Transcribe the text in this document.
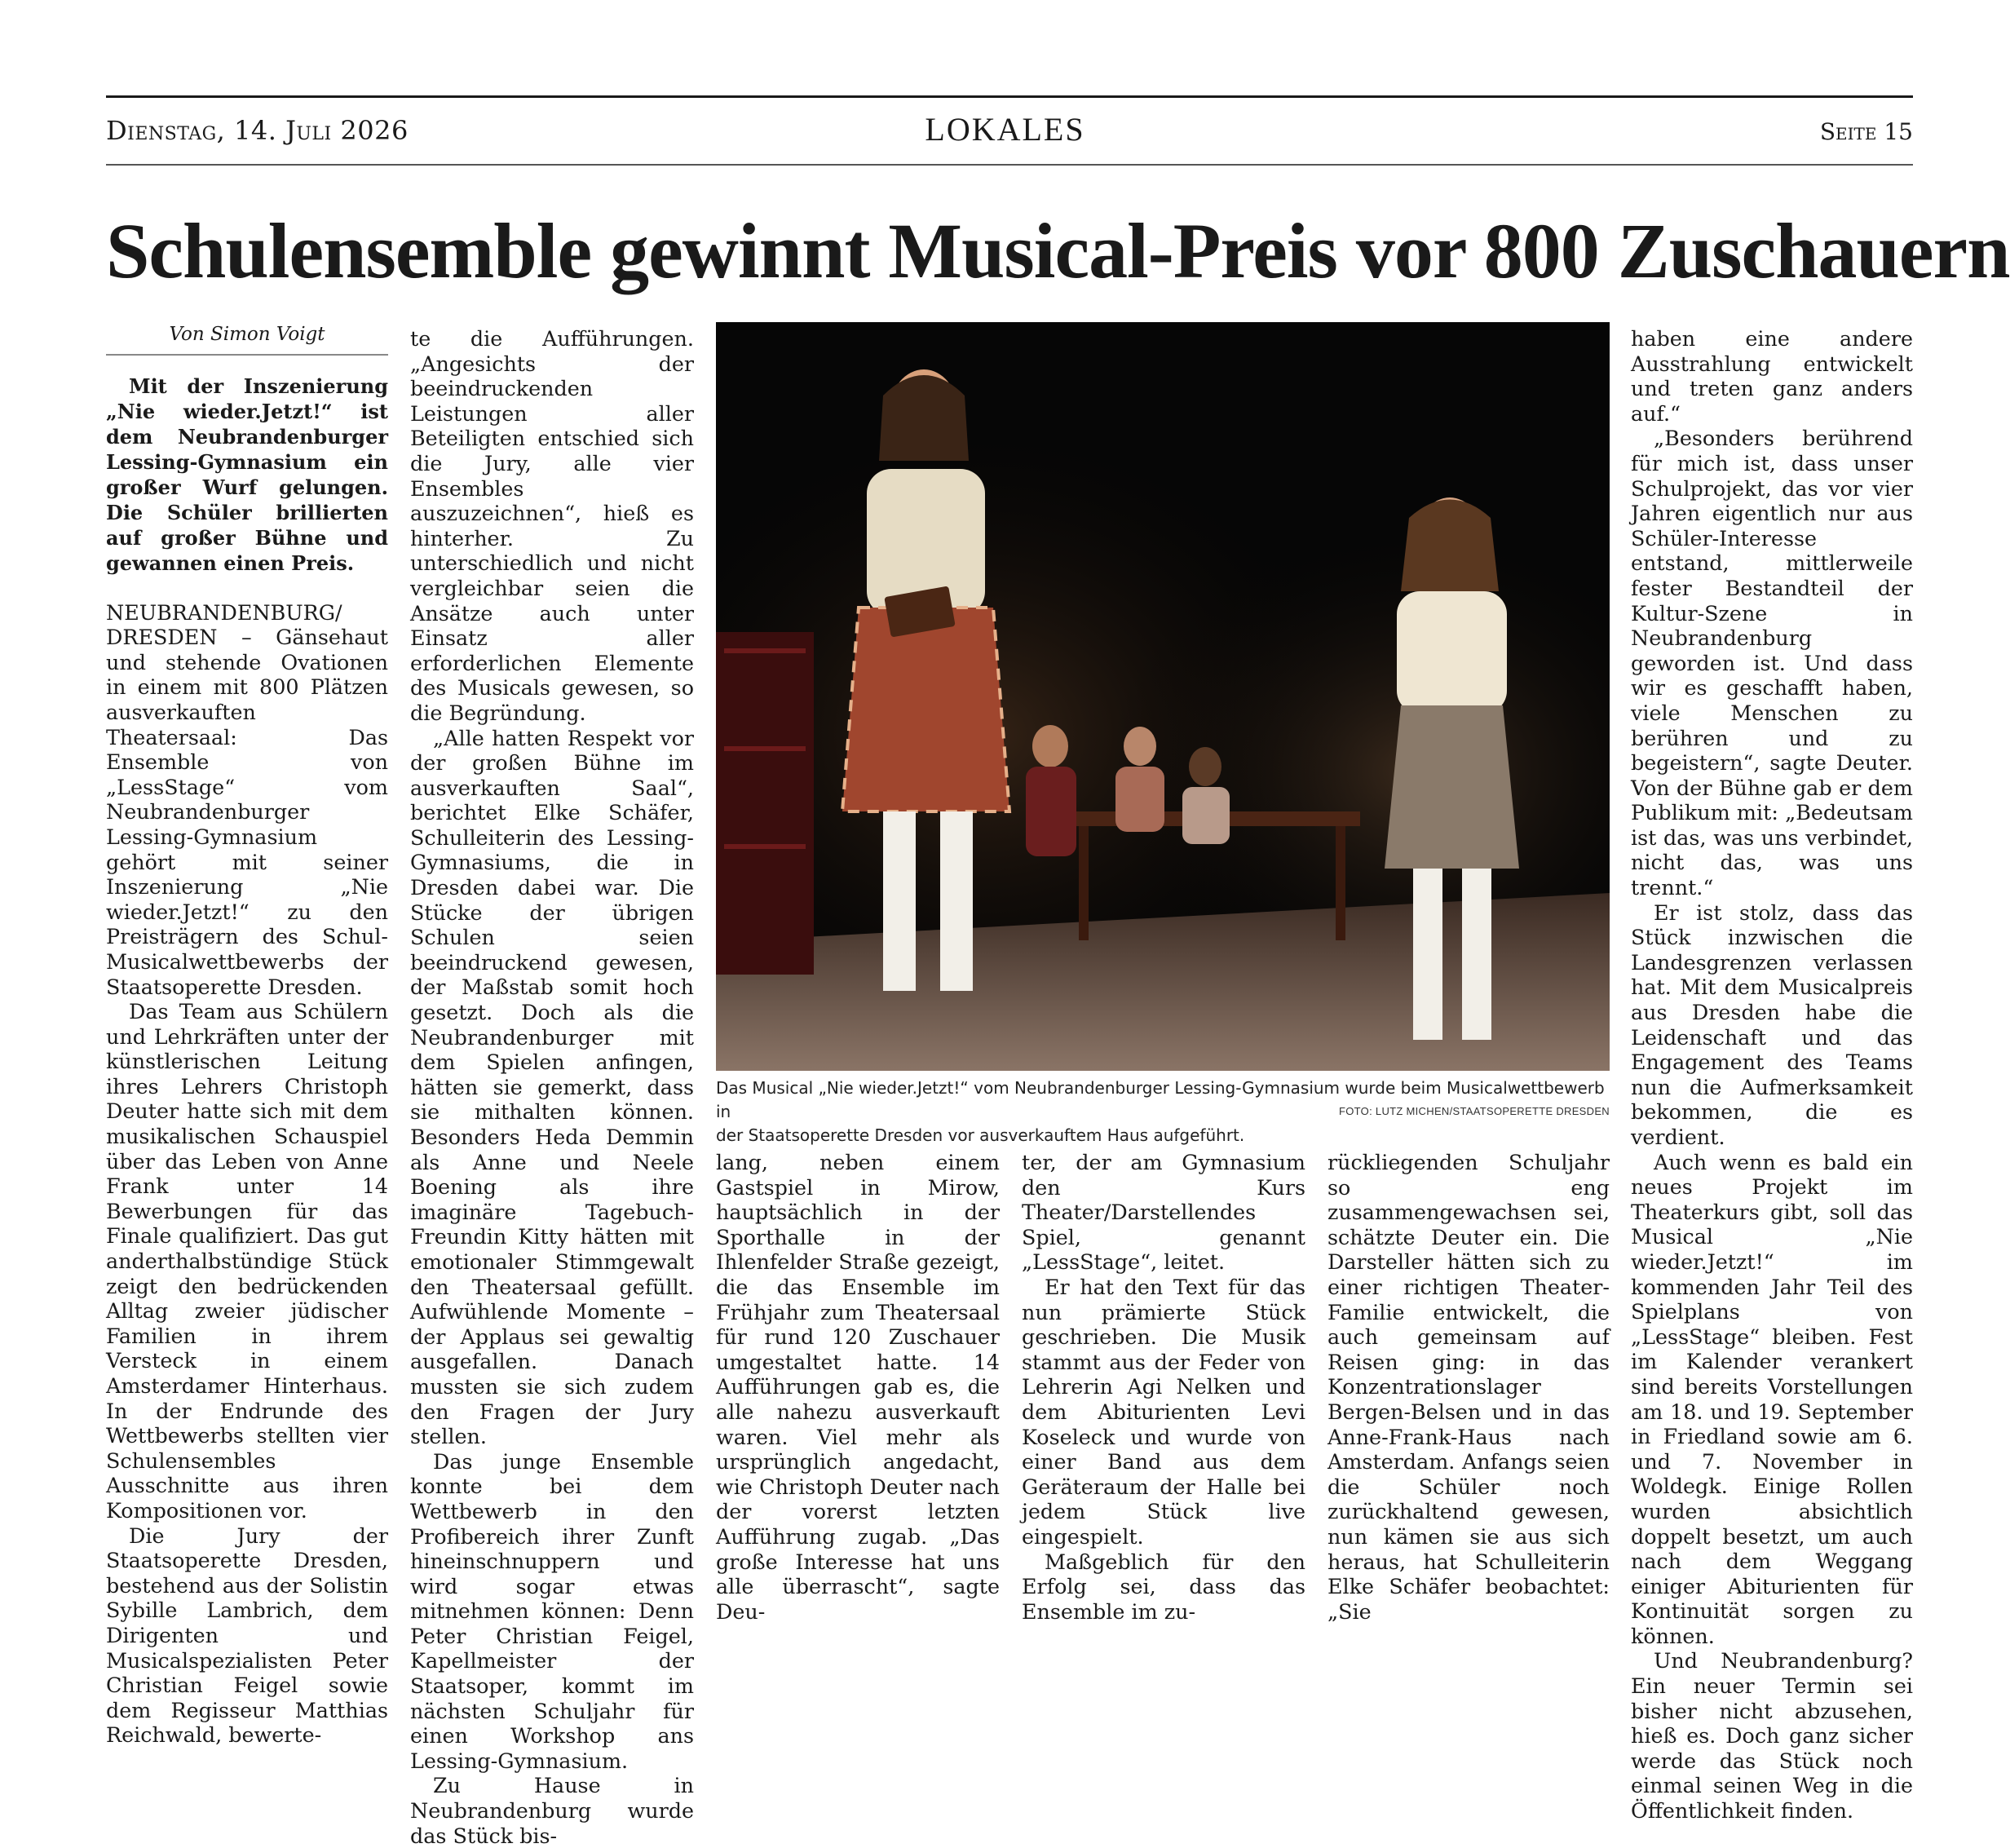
Dienstag, 14. Juli 2026	LOKALES	Seite 15
Schulensemble gewinnt Musical-Preis vor 800 Zuschauern
Von Simon Voigt

Mit der Inszenierung „Nie wieder.Jetzt!“ ist dem Neubrandenburger Lessing-Gymnasium ein großer Wurf gelungen. Die Schüler brillierten auf großer Bühne und gewannen einen Preis.

NEUBRANDENBURG/ DRESDEN – Gänsehaut und stehende Ovationen in einem mit 800 Plätzen ausverkauften Theatersaal: Das Ensemble von „LessStage“ vom Neubrandenburger Lessing-Gymnasium gehört mit seiner Inszenierung „Nie wieder.Jetzt!“ zu den Preisträgern des Schul-Musicalwettbewerbs der Staatsoperette Dresden.

Das Team aus Schülern und Lehrkräften unter der künstlerischen Leitung ihres Lehrers Christoph Deuter hatte sich mit dem musikalischen Schauspiel über das Leben von Anne Frank unter 14 Bewerbungen für das Finale qualifiziert. Das gut anderthalbstündige Stück zeigt den bedrückenden Alltag zweier jüdischer Familien in ihrem Versteck in einem Amsterdamer Hinterhaus. In der Endrunde des Wettbewerbs stellten vier Schulensembles Ausschnitte aus ihren Kompositionen vor.

Die Jury der Staatsoperette Dresden, bestehend aus der Solistin Sybille Lambrich, dem Dirigenten und Musicalspezialisten Peter Christian Feigel sowie dem Regisseur Matthias Reichwald, bewerte-

te die Aufführungen. „Angesichts der beeindruckenden Leistungen aller Beteiligten entschied sich die Jury, alle vier Ensembles auszuzeichnen“, hieß es hinterher. Zu unterschiedlich und nicht vergleichbar seien die Ansätze auch unter Einsatz aller erforderlichen Elemente des Musicals gewesen, so die Begründung.

„Alle hatten Respekt vor der großen Bühne im ausverkauften Saal“, berichtet Elke Schäfer, Schulleiterin des Lessing-Gymnasiums, die in Dresden dabei war. Die Stücke der übrigen Schulen seien beeindruckend gewesen, der Maßstab somit hoch gesetzt. Doch als die Neubrandenburger mit dem Spielen anfingen, hätten sie gemerkt, dass sie mithalten können. Besonders Heda Demmin als Anne und Neele Boening als ihre imaginäre Tagebuch-Freundin Kitty hätten mit emotionaler Stimmgewalt den Theatersaal gefüllt. Aufwühlende Momente – der Applaus sei gewaltig ausgefallen. Danach mussten sie sich zudem den Fragen der Jury stellen.

Das junge Ensemble konnte bei dem Wettbewerb in den Profibereich ihrer Zunft hineinschnuppern und wird sogar etwas mitnehmen können: Denn Peter Christian Feigel, Kapellmeister der Staatsoper, kommt im nächsten Schuljahr für einen Workshop ans Lessing-Gymnasium.

Zu Hause in Neubrandenburg wurde das Stück bis-

Das Musical „Nie wieder.Jetzt!“ vom Neubrandenburger Lessing-Gymnasium wurde beim Musicalwettbewerb in
der Staatsoperette Dresden vor ausverkauftem Haus aufgeführt.
FOTO: LUTZ MICHEN/STAATSOPERETTE DRESDEN

lang, neben einem Gastspiel in Mirow, hauptsächlich in der Sporthalle in der Ihlenfelder Straße gezeigt, die das Ensemble im Frühjahr zum Theatersaal für rund 120 Zuschauer umgestaltet hatte. 14 Aufführungen gab es, die alle nahezu ausverkauft waren. Viel mehr als ursprünglich angedacht, wie Christoph Deuter nach der vorerst letzten Aufführung zugab. „Das große Interesse hat uns alle überrascht“, sagte Deu-

ter, der am Gymnasium den Kurs Theater/Darstellendes Spiel, genannt „LessStage“, leitet.

Er hat den Text für das nun prämierte Stück geschrieben. Die Musik stammt aus der Feder von Lehrerin Agi Nelken und dem Abiturienten Levi Koseleck und wurde von einer Band aus dem Geräteraum der Halle bei jedem Stück live eingespielt.

Maßgeblich für den Erfolg sei, dass das Ensemble im zu-

rückliegenden Schuljahr so eng zusammengewachsen sei, schätzte Deuter ein. Die Darsteller hätten sich zu einer richtigen Theater-Familie entwickelt, die auch gemeinsam auf Reisen ging: in das Konzentrationslager Bergen-Belsen und in das Anne-Frank-Haus nach Amsterdam. Anfangs seien die Schüler noch zurückhaltend gewesen, nun kämen sie aus sich heraus, hat Schulleiterin Elke Schäfer beobachtet: „Sie

haben eine andere Ausstrahlung entwickelt und treten ganz anders auf.“

„Besonders berührend für mich ist, dass unser Schulprojekt, das vor vier Jahren eigentlich nur aus Schüler-Interesse entstand, mittlerweile fester Bestandteil der Kultur-Szene in Neubrandenburg geworden ist. Und dass wir es geschafft haben, viele Menschen zu berühren und zu begeistern“, sagte Deuter. Von der Bühne gab er dem Publikum mit: „Bedeutsam ist das, was uns verbindet, nicht das, was uns trennt.“

Er ist stolz, dass das Stück inzwischen die Landesgrenzen verlassen hat. Mit dem Musicalpreis aus Dresden habe die Leidenschaft und das Engagement des Teams nun die Aufmerksamkeit bekommen, die es verdient.

Auch wenn es bald ein neues Projekt im Theaterkurs gibt, soll das Musical „Nie wieder.Jetzt!“ im kommenden Jahr Teil des Spielplans von „LessStage“ bleiben. Fest im Kalender verankert sind bereits Vorstellungen am 18. und 19. September in Friedland sowie am 6. und 7. November in Woldegk. Einige Rollen wurden absichtlich doppelt besetzt, um auch nach dem Weggang einiger Abiturienten für Kontinuität sorgen zu können.

Und Neubrandenburg? Ein neuer Termin sei bisher nicht abzusehen, hieß es. Doch ganz sicher werde das Stück noch einmal seinen Weg in die Öffentlichkeit finden.
